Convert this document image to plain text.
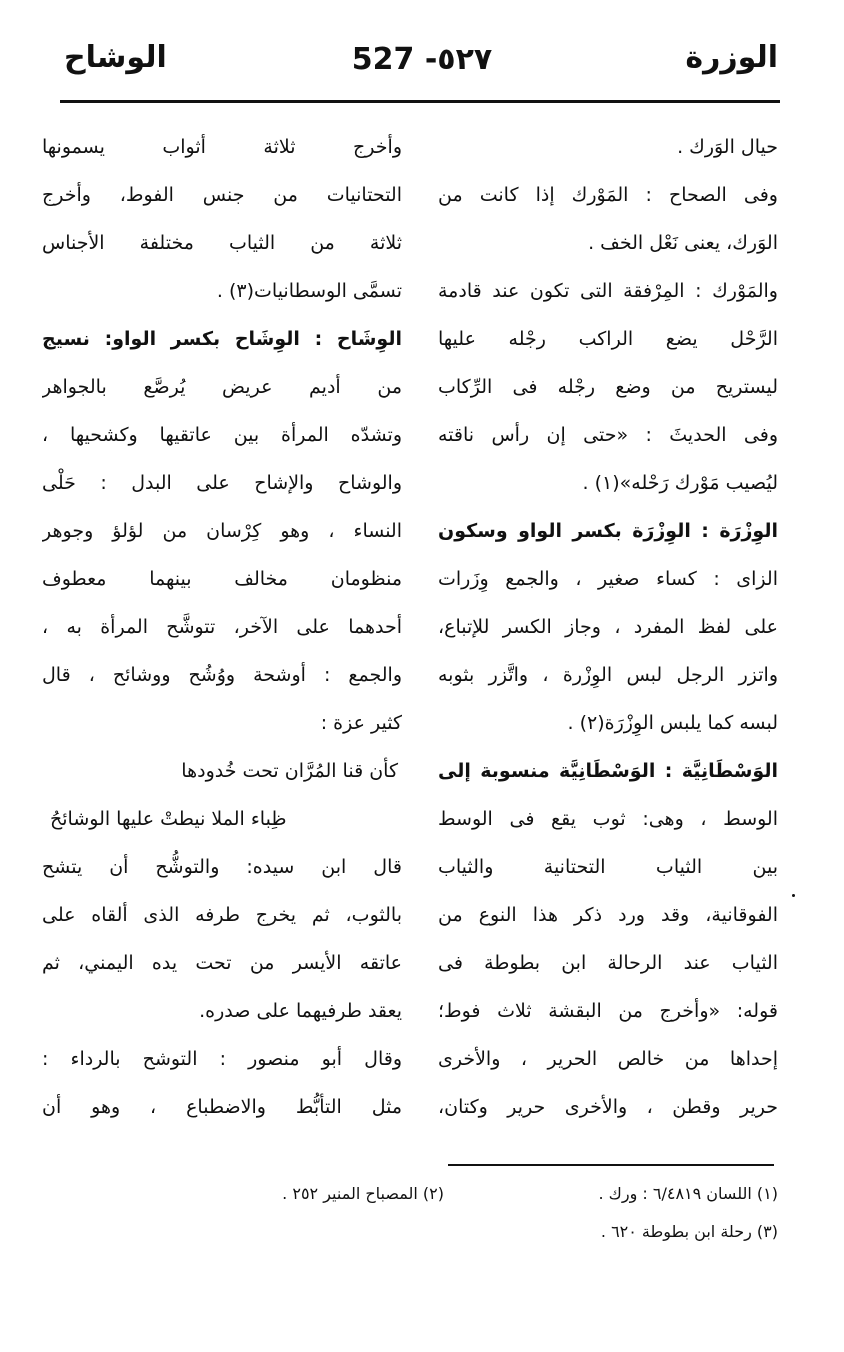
الوزرة
527 -٥٢٧
الوشاح
حيال الوَرك .
وفى الصحاح : المَوْرك إذا كانت من
الوَرك، يعنى نَعْل الخف .
والمَوْرك : المِرْفقة التى تكون عند قادمة
الرَّحْل يضع الراكب رجْله عليها
ليستريح من وضع رجْله فى الرِّكاب
وفى الحديثَ : «حتى إن رأس ناقته
ليُصيب مَوْرك رَحْله»(١) .
الوِزْرَة : الوِزْرَة بكسر الواو وسكون
الزاى : كساء صغير ، والجمع وِزَرات
على لفظ المفرد ، وجاز الكسر للإتباع،
واتزر الرجل لبس الوِزْرة ، واتَّزر بثوبه
لبسه كما يلبس الوِزْرَة(٢) .
الوَسْطَانِيَّة : الوَسْطَانِيَّة منسوبة إلى
الوسط ، وهى: ثوب يقع فى الوسط
بين الثياب التحتانية والثياب
الفوقانية، وقد ورد ذكر هذا النوع من
الثياب عند الرحالة ابن بطوطة فى
قوله: «وأخرج من البقشة ثلاث فوط؛
إحداها من خالص الحرير ، والأخرى
حرير وقطن ، والأخرى حرير وكتان،
وأخرج ثلاثة أثواب يسمونها
التحتانيات من جنس الفوط، وأخرج
ثلاثة من الثياب مختلفة الأجناس
تسمَّى الوسطانيات(٣) .
الوِشَاح : الوِشَاح بكسر الواو: نسيج
من أديم عريض يُرصَّع بالجواهر
وتشدّه المرأة بين عاتقيها وكشحيها ،
والوشاح والإشاح على البدل : حَلْى
النساء ، وهو كِرْسان من لؤلؤ وجوهر
منظومان مخالف بينهما معطوف
أحدهما على الآخر، تتوشَّح المرأة به ،
والجمع : أوشحة ووُشُح ووشائح ، قال
كثير عزة :
كأن قنا المُرَّان تحت خُدودها
ظِباء الملا نيطتْ عليها الوشائحُ
قال ابن سيده: والتوشُّح أن يتشح
بالثوب، ثم يخرج طرفه الذى ألقاه على
عاتقه الأيسر من تحت يده اليمني، ثم
يعقد طرفيهما على صدره.
وقال أبو منصور : التوشح بالرداء :
مثل التأبُّط والاضطباع ، وهو أن
(١) اللسان ٦/٤٨١٩ : ورك .
(٢) المصباح المنير ٢٥٢ .
(٣) رحلة ابن بطوطة ٦٢٠ .
